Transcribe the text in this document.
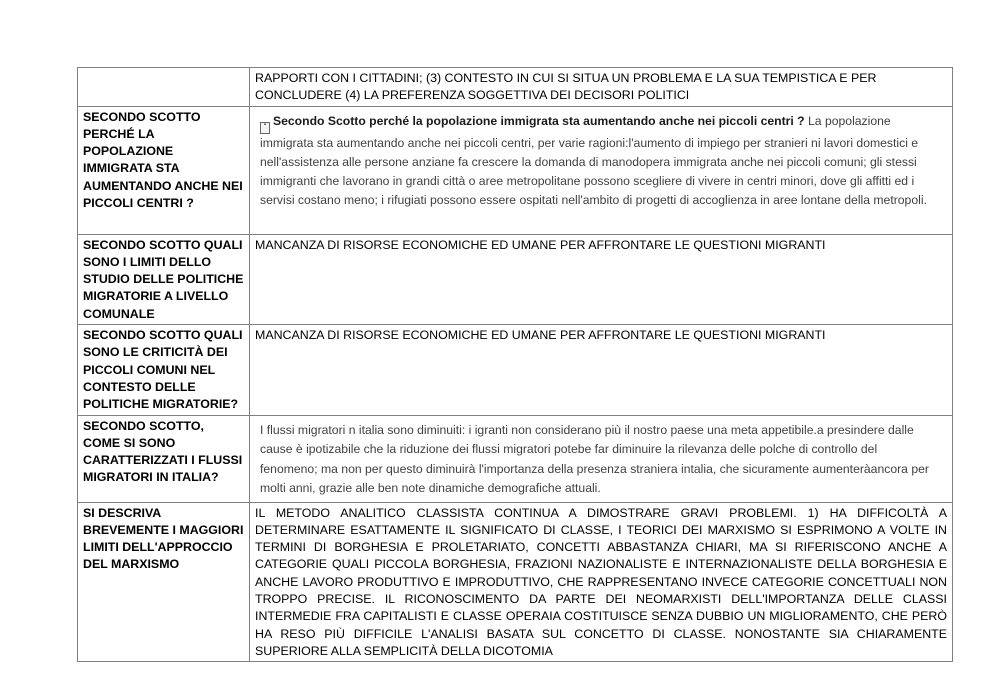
	RAPPORTI CON I CITTADINI; (3) CONTESTO IN CUI SI SITUA UN PROBLEMA E LA SUA TEMPISTICA E PER CONCLUDERE (4) LA PREFERENZA SOGGETTIVA DEI DECISORI POLITICI
SECONDO SCOTTO PERCHÉ LA POPOLAZIONE IMMIGRATA STA AUMENTANDO ANCHE NEI PICCOLI CENTRI ?	▪ Secondo Scotto perché la popolazione immigrata sta aumentando anche nei piccoli centri ? La popolazione immigrata sta aumentando anche nei piccoli centri, per varie ragioni:l'aumento di impiego per stranieri ni lavori domestici e nell'assistenza alle persone anziane fa crescere la domanda di manodopera immigrata anche nei piccoli comuni; gli stessi immigranti che lavorano in grandi città o aree metropolitane possono scegliere di vivere in centri minori, dove gli affitti ed i servisi costano meno; i rifugiati possono essere ospitati nell'ambito di progetti di accoglienza in aree lontane della metropoli.

SECONDO SCOTTO QUALI SONO I LIMITI DELLO STUDIO DELLE POLITICHE MIGRATORIE A LIVELLO COMUNALE	MANCANZA DI RISORSE ECONOMICHE ED UMANE PER AFFRONTARE LE QUESTIONI MIGRANTI
SECONDO SCOTTO QUALI SONO LE CRITICITÀ DEI PICCOLI COMUNI NEL CONTESTO DELLE POLITICHE MIGRATORIE?	MANCANZA DI RISORSE ECONOMICHE ED UMANE PER AFFRONTARE LE QUESTIONI MIGRANTI
SECONDO SCOTTO, COME SI SONO CARATTERIZZATI I FLUSSI MIGRATORI IN ITALIA?	I flussi migratori n italia sono diminuiti: i igranti non considerano più il nostro paese una meta appetibile.a presindere dalle cause è ipotizabile che la riduzione dei flussi migratori potebe far diminuire la rilevanza delle polche di controllo del fenomeno; ma non per questo diminuirà l'importanza della presenza straniera intalia, che sicuramente aumenteràancora per molti anni, grazie alle ben note dinamiche demografiche attuali.

SI DESCRIVA BREVEMENTE I MAGGIORI LIMITI DELL'APPROCCIO DEL MARXISMO	IL METODO ANALITICO CLASSISTA CONTINUA A DIMOSTRARE GRAVI PROBLEMI. 1) HA DIFFICOLTÀ A DETERMINARE ESATTAMENTE IL SIGNIFICATO DI CLASSE, I TEORICI DEI MARXISMO SI ESPRIMONO A VOLTE IN TERMINI DI BORGHESIA E PROLETARIATO, CONCETTI ABBASTANZA CHIARI, MA SI RIFERISCONO ANCHE A CATEGORIE QUALI PICCOLA BORGHESIA, FRAZIONI NAZIONALISTE E INTERNAZIONALISTE DELLA BORGHESIA E ANCHE LAVORO PRODUTTIVO E IMPRODUTTIVO, CHE RAPPRESENTANO INVECE CATEGORIE CONCETTUALI NON TROPPO PRECISE. IL RICONOSCIMENTO DA PARTE DEI NEOMARXISTI DELL'IMPORTANZA DELLE CLASSI INTERMEDIE FRA CAPITALISTI E CLASSE OPERAIA COSTITUISCE SENZA DUBBIO UN MIGLIORAMENTO, CHE PERÒ HA RESO PIÙ DIFFICILE L'ANALISI BASATA SUL CONCETTO DI CLASSE. NONOSTANTE SIA CHIARAMENTE SUPERIORE ALLA SEMPLICITÀ DELLA DICOTOMIA
